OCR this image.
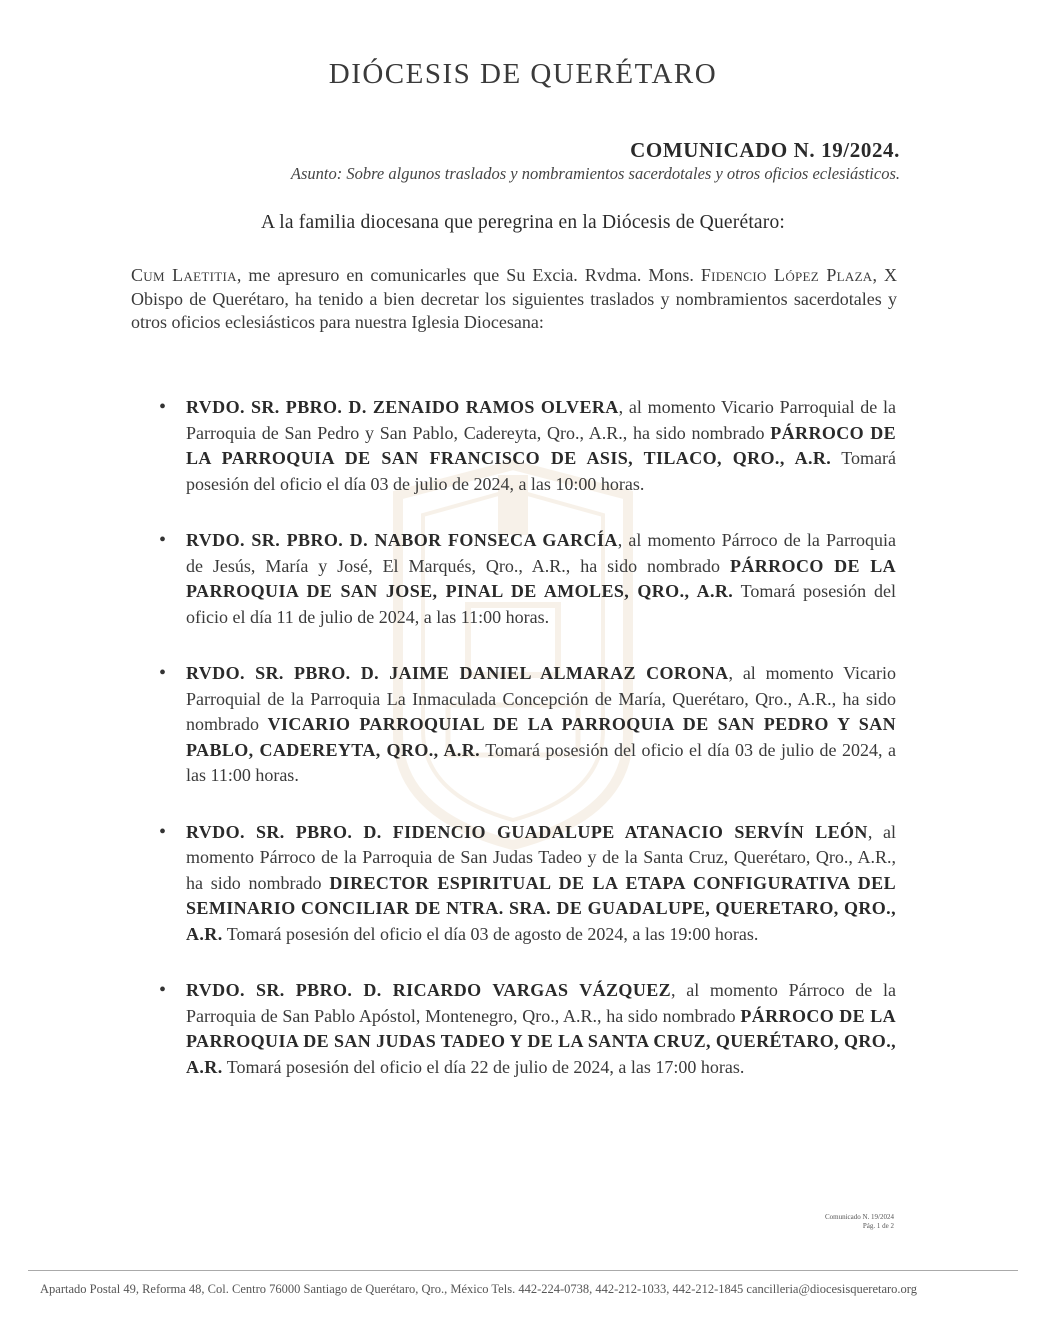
DIÓCESIS DE QUERÉTARO
COMUNICADO N. 19/2024.
Asunto: Sobre algunos traslados y nombramientos sacerdotales y otros oficios eclesiásticos.
A la familia diocesana que peregrina en la Diócesis de Querétaro:
Cum Laetitia, me apresuro en comunicarles que Su Excia. Rvdma. Mons. Fidencio López Plaza, X Obispo de Querétaro, ha tenido a bien decretar los siguientes traslados y nombramientos sacerdotales y otros oficios eclesiásticos para nuestra Iglesia Diocesana:
• RVDO. SR. PBRO. D. ZENAIDO RAMOS OLVERA, al momento Vicario Parroquial de la Parroquia de San Pedro y San Pablo, Cadereyta, Qro., A.R., ha sido nombrado PÁRROCO DE LA PARROQUIA DE SAN FRANCISCO DE ASIS, TILACO, QRO., A.R. Tomará posesión del oficio el día 03 de julio de 2024, a las 10:00 horas.
• RVDO. SR. PBRO. D. NABOR FONSECA GARCÍA, al momento Párroco de la Parroquia de Jesús, María y José, El Marqués, Qro., A.R., ha sido nombrado PÁRROCO DE LA PARROQUIA DE SAN JOSE, PINAL DE AMOLES, QRO., A.R. Tomará posesión del oficio el día 11 de julio de 2024, a las 11:00 horas.
• RVDO. SR. PBRO. D. JAIME DANIEL ALMARAZ CORONA, al momento Vicario Parroquial de la Parroquia La Inmaculada Concepción de María, Querétaro, Qro., A.R., ha sido nombrado VICARIO PARROQUIAL DE LA PARROQUIA DE SAN PEDRO Y SAN PABLO, CADEREYTA, QRO., A.R. Tomará posesión del oficio el día 03 de julio de 2024, a las 11:00 horas.
• RVDO. SR. PBRO. D. FIDENCIO GUADALUPE ATANACIO SERVÍN LEÓN, al momento Párroco de la Parroquia de San Judas Tadeo y de la Santa Cruz, Querétaro, Qro., A.R., ha sido nombrado DIRECTOR ESPIRITUAL DE LA ETAPA CONFIGURATIVA DEL SEMINARIO CONCILIAR DE NTRA. SRA. DE GUADALUPE, QUERETARO, QRO., A.R. Tomará posesión del oficio el día 03 de agosto de 2024, a las 19:00 horas.
• RVDO. SR. PBRO. D. RICARDO VARGAS VÁZQUEZ, al momento Párroco de la Parroquia de San Pablo Apóstol, Montenegro, Qro., A.R., ha sido nombrado PÁRROCO DE LA PARROQUIA DE SAN JUDAS TADEO Y DE LA SANTA CRUZ, QUERÉTARO, QRO., A.R. Tomará posesión del oficio el día 22 de julio de 2024, a las 17:00 horas.
Comunicado N. 19/2024
Pág. 1 de 2
Apartado Postal 49, Reforma 48, Col. Centro 76000 Santiago de Querétaro, Qro., México Tels. 442-224-0738, 442-212-1033, 442-212-1845 cancilleria@diocesisqueretaro.org
